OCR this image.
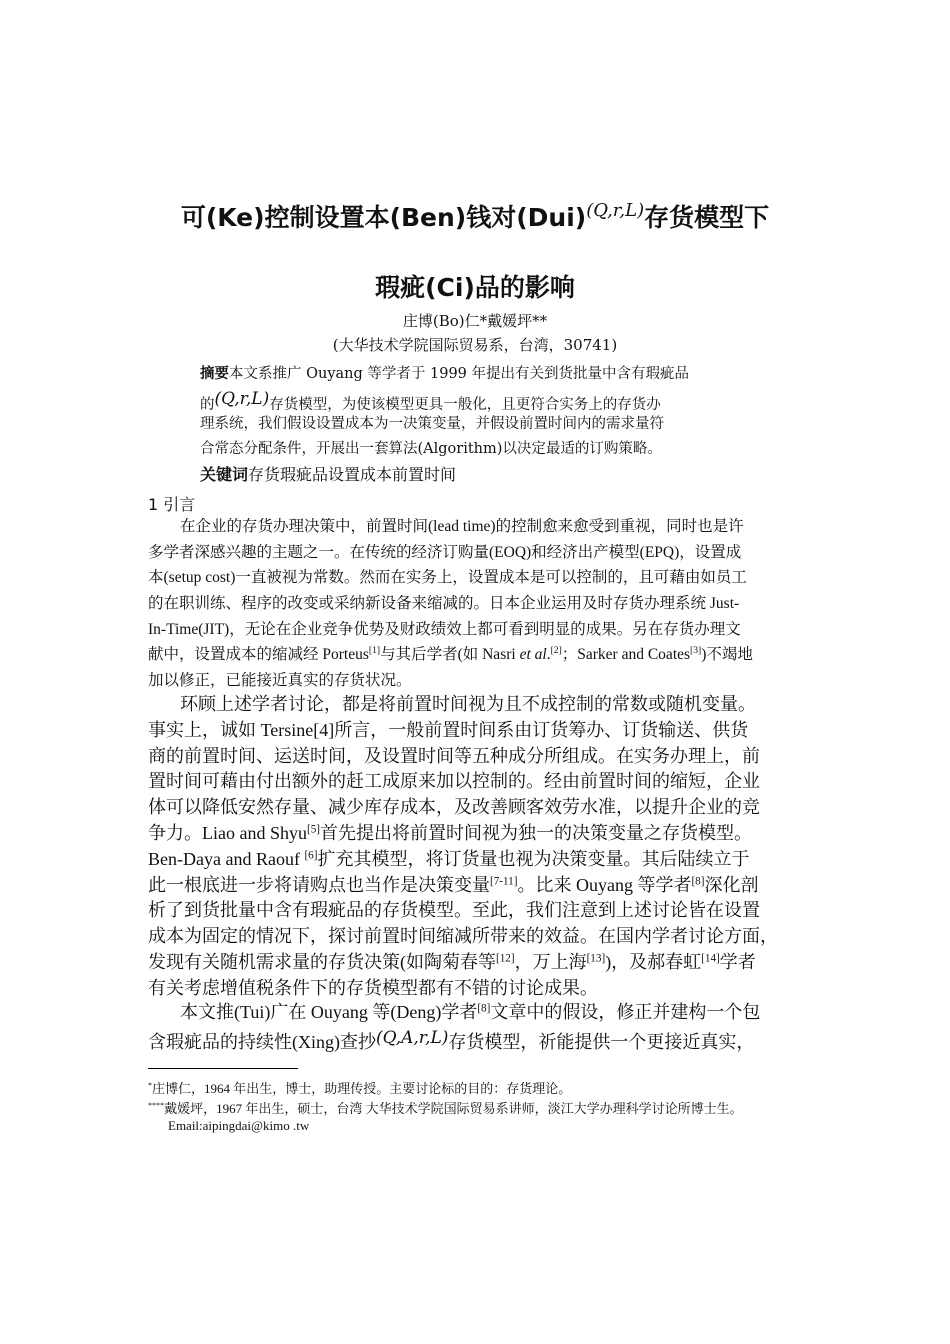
可(Ke)控制设置本(Ben)钱对(Dui)$^{(Q,r,L)}$存货模型下
瑕疵(Ci)品的影响
庄博(Bo)仁*戴媛坪**
(大华技术学院国际贸易系，台湾，30741)
摘要本文系推广 Ouyang 等学者于 1999 年提出有关到货批量中含有瑕疵品
的(Q,r,L)存货模型，为使该模型更具一般化，且更符合实务上的存货办
理系统，我们假设设置成本为一决策变量，并假设前置时间内的需求量符
合常态分配条件，开展出一套算法(Algorithm)以决定最适的订购策略。
关键词存货瑕疵品设置成本前置时间
1 引言
在企业的存货办理决策中，前置时间(lead time)的控制愈来愈受到重视，同时也是许
多学者深感兴趣的主题之一。在传统的经济订购量(EOQ)和经济出产模型(EPQ)，设置成
本(setup cost)一直被视为常数。然而在实务上，设置成本是可以控制的，且可藉由如员工
的在职训练、程序的改变或采纳新设备来缩减的。日本企业运用及时存货办理系统 Just-
In-Time(JIT)，无论在企业竞争优势及财政绩效上都可看到明显的成果。另在存货办理文
献中，设置成本的缩减经 Porteus[1]与其后学者(如 Nasri et al.[2]；Sarker and Coates[3])不竭地
加以修正，已能接近真实的存货状况。
环顾上述学者讨论，都是将前置时间视为且不成控制的常数或随机变量。
事实上，诚如 Tersine[4]所言，一般前置时间系由订货筹办、订货输送、供货
商的前置时间、运送时间，及设置时间等五种成分所组成。在实务办理上，前
置时间可藉由付出额外的赶工成原来加以控制的。经由前置时间的缩短，企业
体可以降低安然存量、减少库存成本，及改善顾客效劳水准，以提升企业的竞
争力。Liao and Shyu[5]首先提出将前置时间视为独一的决策变量之存货模型。
Ben-Daya and Raouf [6]扩充其模型，将订货量也视为决策变量。其后陆续立于
此一根底进一步将请购点也当作是决策变量[7-11]。比来 Ouyang 等学者[8]深化剖
析了到货批量中含有瑕疵品的存货模型。至此，我们注意到上述讨论皆在设置
成本为固定的情况下，探讨前置时间缩减所带来的效益。在国内学者讨论方面，
发现有关随机需求量的存货决策(如陶菊春等[12]，万上海[13])，及郝春虹[14]学者
有关考虑增值税条件下的存货模型都有不错的讨论成果。
本文推(Tui)广在 Ouyang 等(Deng)学者[8]文章中的假设，修正并建构一个包
含瑕疵品的持续性(Xing)查抄(Q,A,r,L)存货模型，祈能提供一个更接近真实，
*庄博仁，1964 年出生，博士，助理传授。主要讨论标的目的：存货理论。
****戴媛坪，1967 年出生，硕士，台湾 大华技术学院国际贸易系讲师，淡江大学办理科学讨论所博士生。
Email:aipingdai@kimo .tw
